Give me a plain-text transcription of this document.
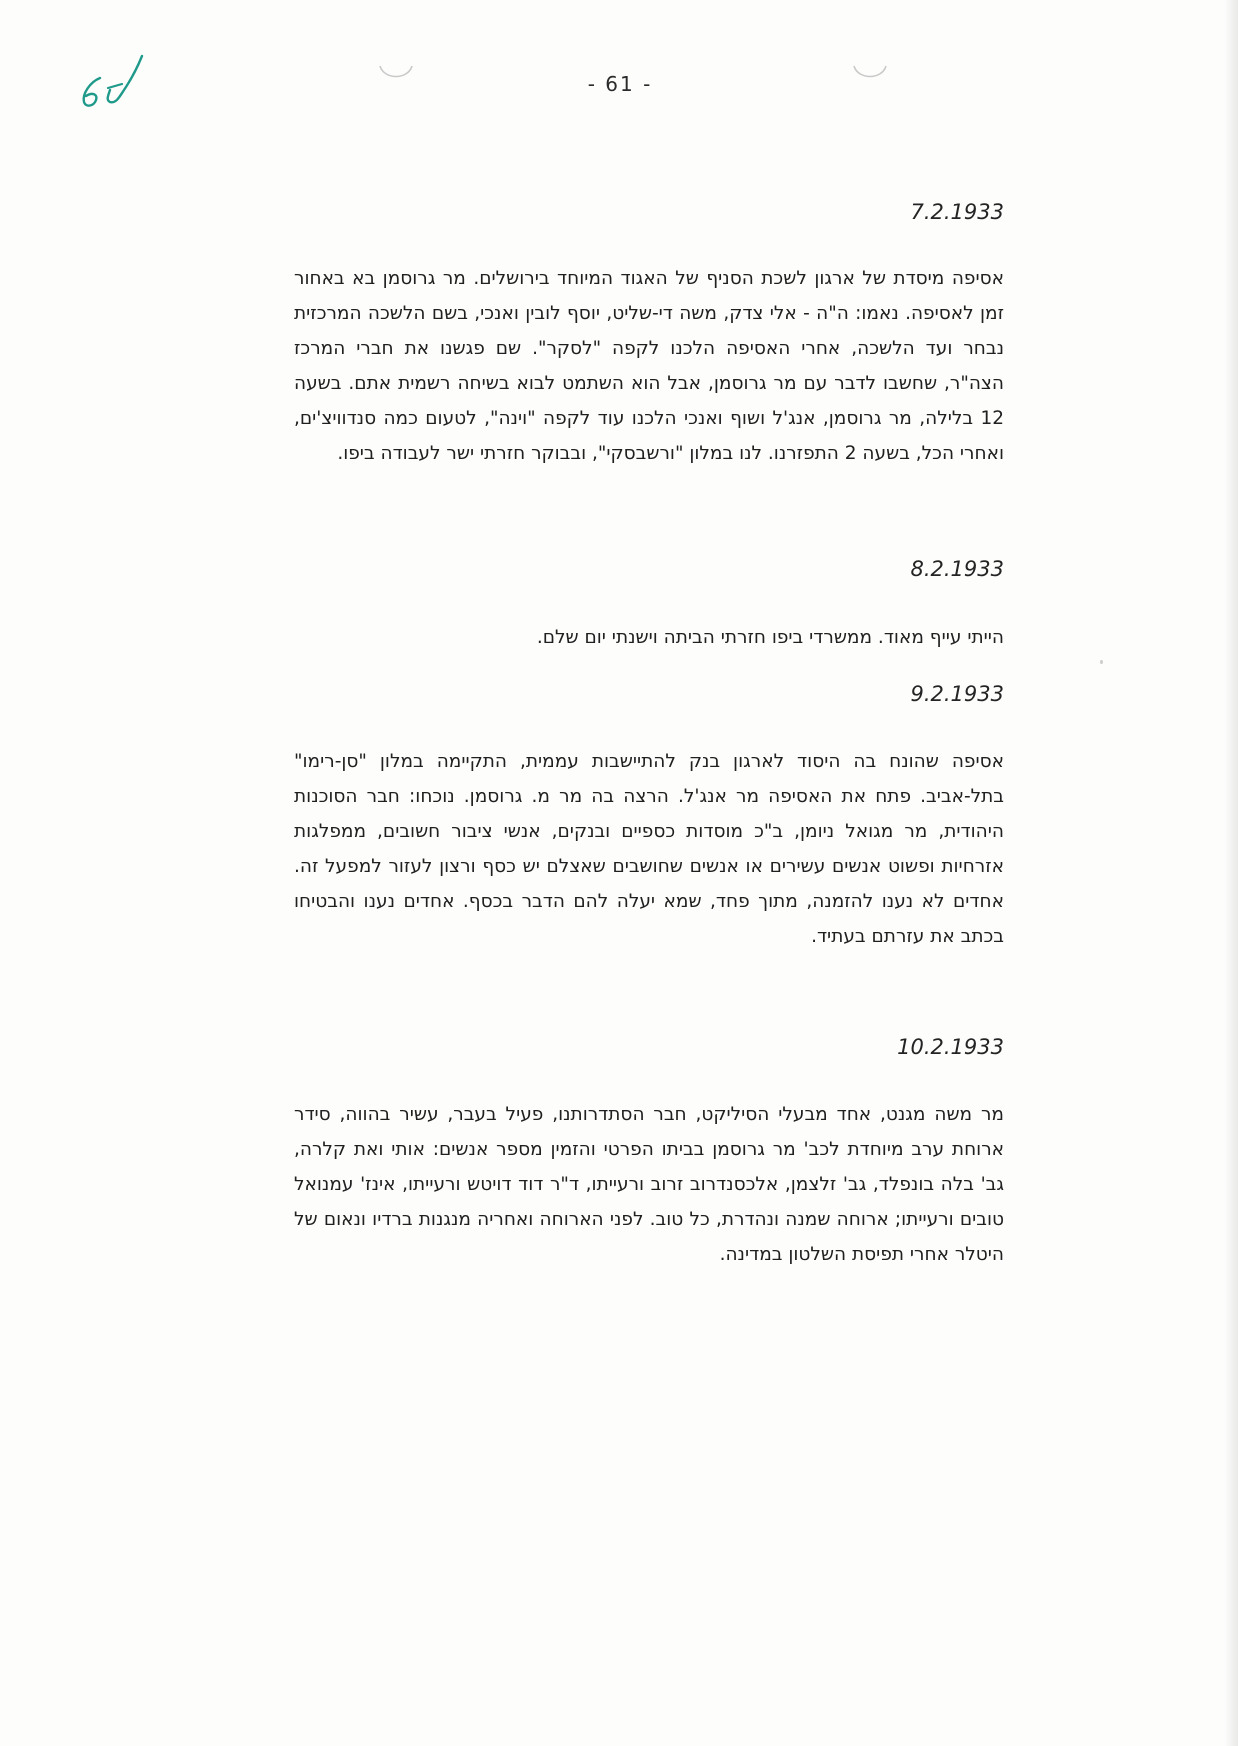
- 61 -
7.2.1933
אסיפה מיסדת של ארגון לשכת הסניף של האגוד המיוחד בירושלים. מר גרוסמן בא באחור זמן לאסיפה. נאמו: ה"ה - אלי צדק, משה די-שליט, יוסף לובין ואנכי, בשם הלשכה המרכזית נבחר ועד הלשכה, אחרי האסיפה הלכנו לקפה "לסקר". שם פגשנו את חברי המרכז הצה"ר, שחשבו לדבר עם מר גרוסמן, אבל הוא השתמט לבוא בשיחה רשמית אתם. בשעה 12 בלילה, מר גרוסמן, אנג'ל ושוף ואנכי הלכנו עוד לקפה "וינה", לטעום כמה סנדוויצ'ים, ואחרי הכל, בשעה 2 התפזרנו. לנו במלון "ורשבסקי", ובבוקר חזרתי ישר לעבודה ביפו.
8.2.1933
הייתי עייף מאוד. ממשרדי ביפו חזרתי הביתה וישנתי יום שלם.
9.2.1933
אסיפה שהונח בה היסוד לארגון בנק להתיישבות עממית, התקיימה במלון "סן-רימו" בתל-אביב. פתח את האסיפה מר אנג'ל. הרצה בה מר מ. גרוסמן. נוכחו: חבר הסוכנות היהודית, מר מגואל ניומן, ב"כ מוסדות כספיים ובנקים, אנשי ציבור חשובים, ממפלגות אזרחיות ופשוט אנשים עשירים או אנשים שחושבים שאצלם יש כסף ורצון לעזור למפעל זה. אחדים לא נענו להזמנה, מתוך פחד, שמא יעלה להם הדבר בכסף. אחדים נענו והבטיחו בכתב את עזרתם בעתיד.
10.2.1933
מר משה מגנט, אחד מבעלי הסיליקט, חבר הסתדרותנו, פעיל בעבר, עשיר בהווה, סידר ארוחת ערב מיוחדת לכב' מר גרוסמן בביתו הפרטי והזמין מספר אנשים: אותי ואת קלרה, גב' בלה בונפלד, גב' זלצמן, אלכסנדרוב זרוב ורעייתו, ד"ר דוד דויטש ורעייתו, אינז' עמנואל טובים ורעייתו; ארוחה שמנה ונהדרת, כל טוב. לפני הארוחה ואחריה מנגנות ברדיו ונאום של היטלר אחרי תפיסת השלטון במדינה.
